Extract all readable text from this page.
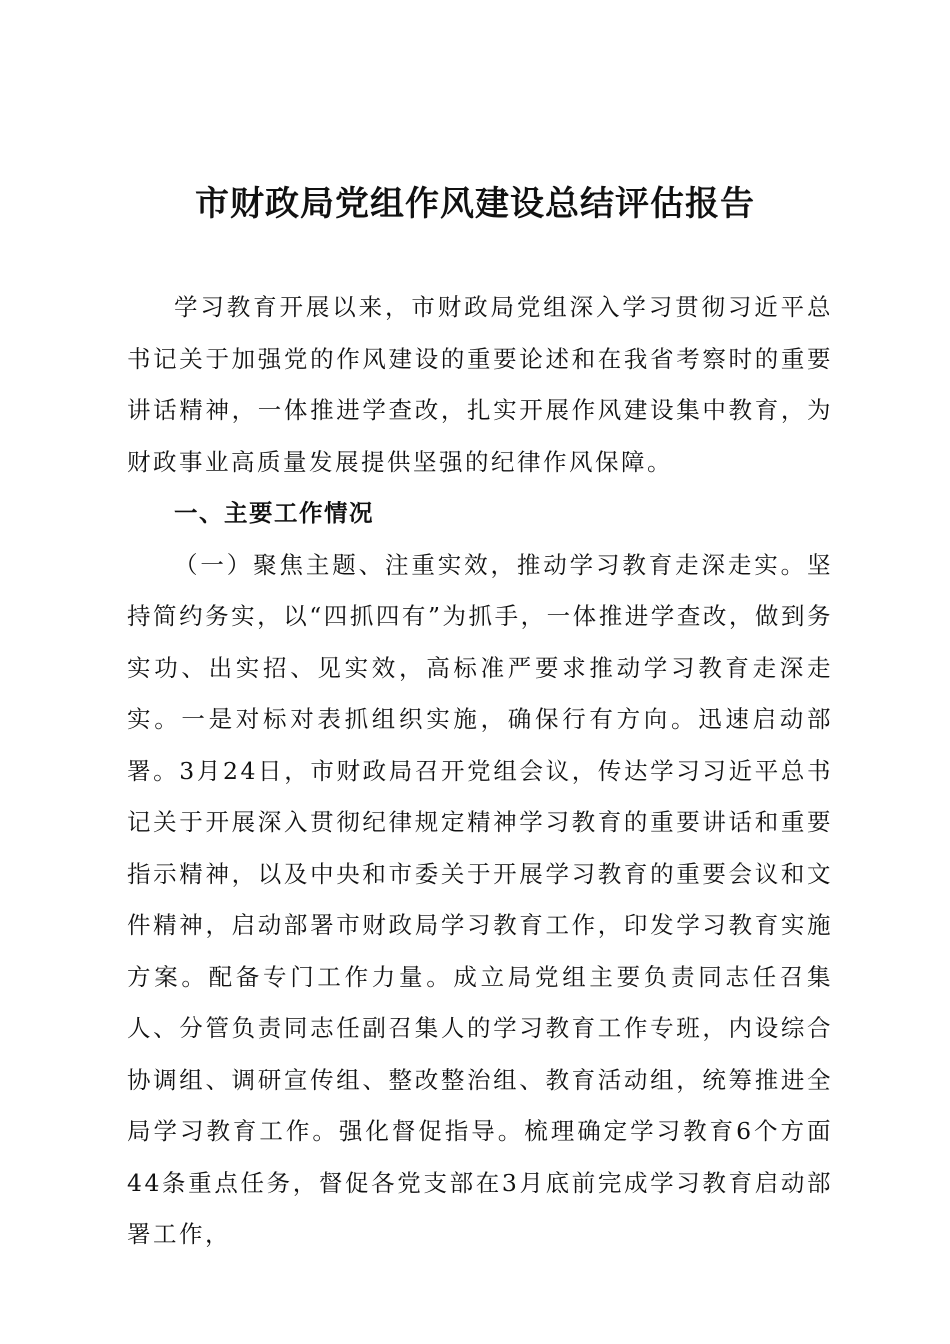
市财政局党组作风建设总结评估报告

学习教育开展以来，市财政局党组深入学习贯彻习近平总书记关于加强党的作风建设的重要论述和在我省考察时的重要讲话精神，一体推进学查改，扎实开展作风建设集中教育，为财政事业高质量发展提供坚强的纪律作风保障。

一、主要工作情况

（一）聚焦主题、注重实效，推动学习教育走深走实。坚持简约务实，以“四抓四有”为抓手，一体推进学查改，做到务实功、出实招、见实效，高标准严要求推动学习教育走深走实。一是对标对表抓组织实施，确保行有方向。迅速启动部署。3月24日，市财政局召开党组会议，传达学习习近平总书记关于开展深入贯彻纪律规定精神学习教育的重要讲话和重要指示精神，以及中央和市委关于开展学习教育的重要会议和文件精神，启动部署市财政局学习教育工作，印发学习教育实施方案。配备专门工作力量。成立局党组主要负责同志任召集人、分管负责同志任副召集人的学习教育工作专班，内设综合协调组、调研宣传组、整改整治组、教育活动组，统筹推进全局学习教育工作。强化督促指导。梳理确定学习教育6个方面44条重点任务，督促各党支部在3月底前完成学习教育启动部署工作，
